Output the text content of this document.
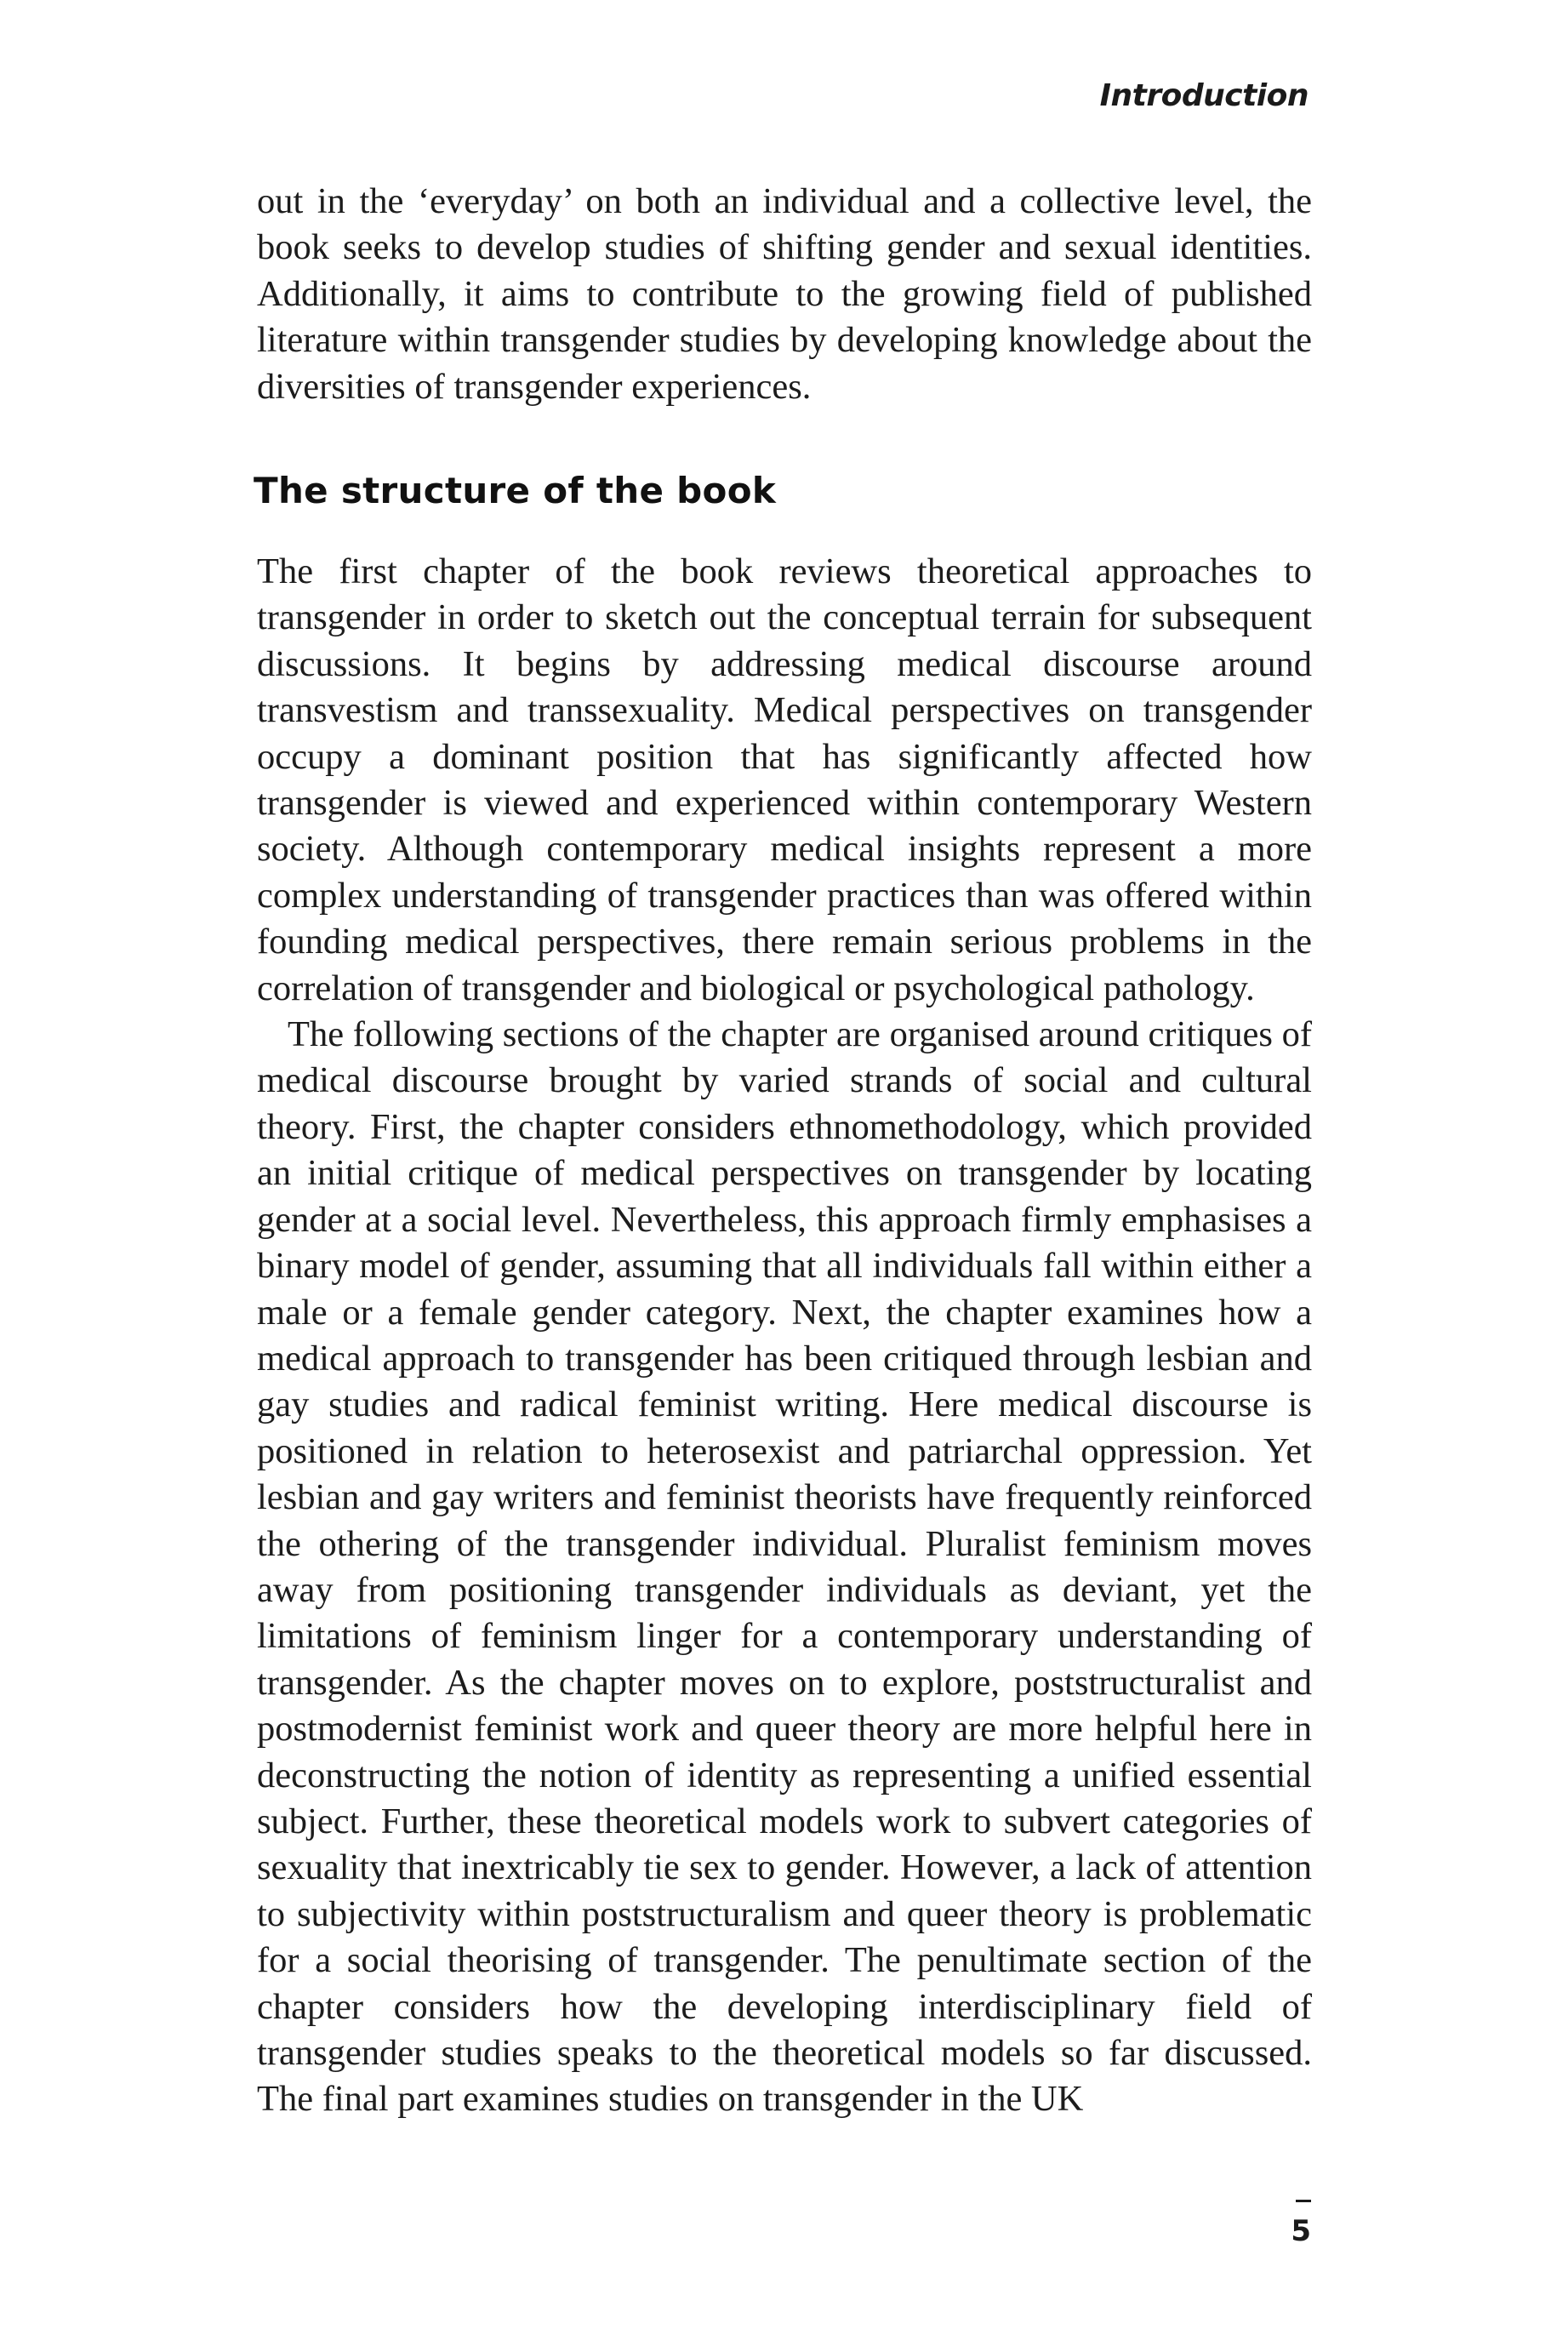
Introduction

out in the ‘everyday’ on both an individual and a collective level, the book seeks to develop studies of shifting gender and sexual identities. Additionally, it aims to contribute to the growing field of published literature within transgender studies by developing knowledge about the diversities of transgender experiences.

The structure of the book

The first chapter of the book reviews theoretical approaches to transgender in order to sketch out the conceptual terrain for subsequent discussions. It begins by addressing medical discourse around transvestism and transsexuality. Medical perspectives on transgender occupy a dominant position that has significantly affected how transgender is viewed and experienced within contemporary Western society. Although contemporary medical insights represent a more complex understanding of transgender practices than was offered within founding medical perspectives, there remain serious problems in the correlation of transgender and biological or psychological pathology.

The following sections of the chapter are organised around critiques of medical discourse brought by varied strands of social and cultural theory. First, the chapter considers ethnomethodology, which provided an initial critique of medical perspectives on transgender by locating gender at a social level. Nevertheless, this approach firmly emphasises a binary model of gender, assuming that all individuals fall within either a male or a female gender category. Next, the chapter examines how a medical approach to transgender has been critiqued through lesbian and gay studies and radical feminist writing. Here medical discourse is positioned in relation to heterosexist and patriarchal oppression. Yet lesbian and gay writers and feminist theorists have frequently reinforced the othering of the transgender individual. Pluralist feminism moves away from positioning transgender individuals as deviant, yet the limitations of feminism linger for a contemporary understanding of transgender. As the chapter moves on to explore, poststructuralist and postmodernist feminist work and queer theory are more helpful here in deconstructing the notion of identity as representing a unified essential subject. Further, these theoretical models work to subvert categories of sexuality that inextricably tie sex to gender. However, a lack of attention to subjectivity within poststructuralism and queer theory is problematic for a social theorising of transgender. The penultimate section of the chapter considers how the developing interdisciplinary field of transgender studies speaks to the theoretical models so far discussed. The final part examines studies on transgender in the UK

5
